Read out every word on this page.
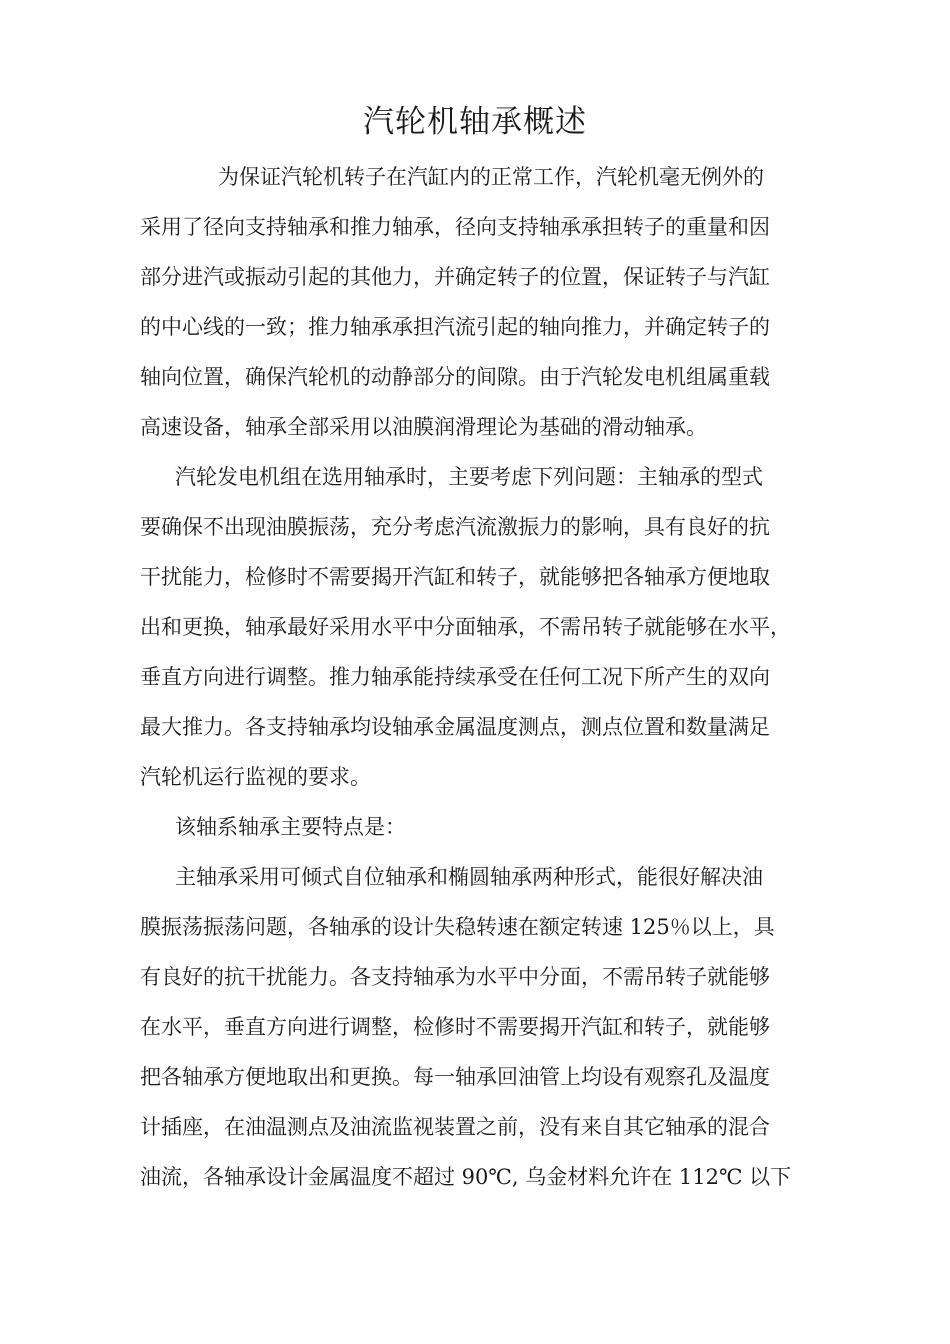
汽轮机轴承概述
为保证汽轮机转子在汽缸内的正常工作，汽轮机毫无例外的
采用了径向支持轴承和推力轴承，径向支持轴承承担转子的重量和因
部分进汽或振动引起的其他力，并确定转子的位置，保证转子与汽缸
的中心线的一致；推力轴承承担汽流引起的轴向推力，并确定转子的
轴向位置，确保汽轮机的动静部分的间隙。由于汽轮发电机组属重载
高速设备，轴承全部采用以油膜润滑理论为基础的滑动轴承。
汽轮发电机组在选用轴承时，主要考虑下列问题：主轴承的型式
要确保不出现油膜振荡，充分考虑汽流激振力的影响，具有良好的抗
干扰能力，检修时不需要揭开汽缸和转子，就能够把各轴承方便地取
出和更换，轴承最好采用水平中分面轴承，不需吊转子就能够在水平，
垂直方向进行调整。推力轴承能持续承受在任何工况下所产生的双向
最大推力。各支持轴承均设轴承金属温度测点，测点位置和数量满足
汽轮机运行监视的要求。
该轴系轴承主要特点是：
主轴承采用可倾式自位轴承和椭圆轴承两种形式，能很好解决油
膜振荡振荡问题，各轴承的设计失稳转速在额定转速 125％以上，具
有良好的抗干扰能力。各支持轴承为水平中分面，不需吊转子就能够
在水平，垂直方向进行调整，检修时不需要揭开汽缸和转子，就能够
把各轴承方便地取出和更换。每一轴承回油管上均设有观察孔及温度
计插座，在油温测点及油流监视装置之前，没有来自其它轴承的混合
油流，各轴承设计金属温度不超过 90℃, 乌金材料允许在 112℃ 以下
